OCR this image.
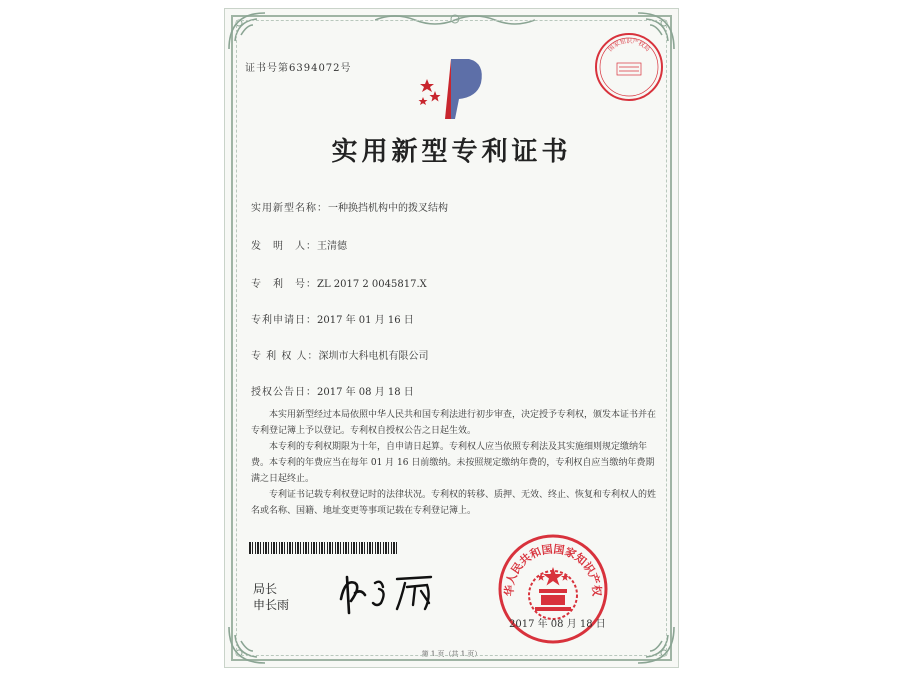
证书号第6394072号
国家知识产权局
实用新型专利证书
实用新型名称：一种换挡机构中的拨叉结构
发　明　人：王清德
专　利　号：ZL 2017 2 0045817.X
专利申请日：2017 年 01 月 16 日
专 利 权 人：深圳市大科电机有限公司
授权公告日：2017 年 08 月 18 日
本实用新型经过本局依照中华人民共和国专利法进行初步审查，决定授予专利权，颁发本证书并在专利登记簿上予以登记。专利权自授权公告之日起生效。
本专利的专利权期限为十年，自申请日起算。专利权人应当依照专利法及其实施细则规定缴纳年费。本专利的年费应当在每年 01 月 16 日前缴纳。未按照规定缴纳年费的，专利权自应当缴纳年费期满之日起终止。
专利证书记载专利权登记时的法律状况。专利权的转移、质押、无效、终止、恢复和专利权人的姓名或名称、国籍、地址变更等事项记载在专利登记簿上。
局长
申长雨
华人民共和国国家知识产权
2017 年 08 月 18 日
第 1 页（共 1 页）
